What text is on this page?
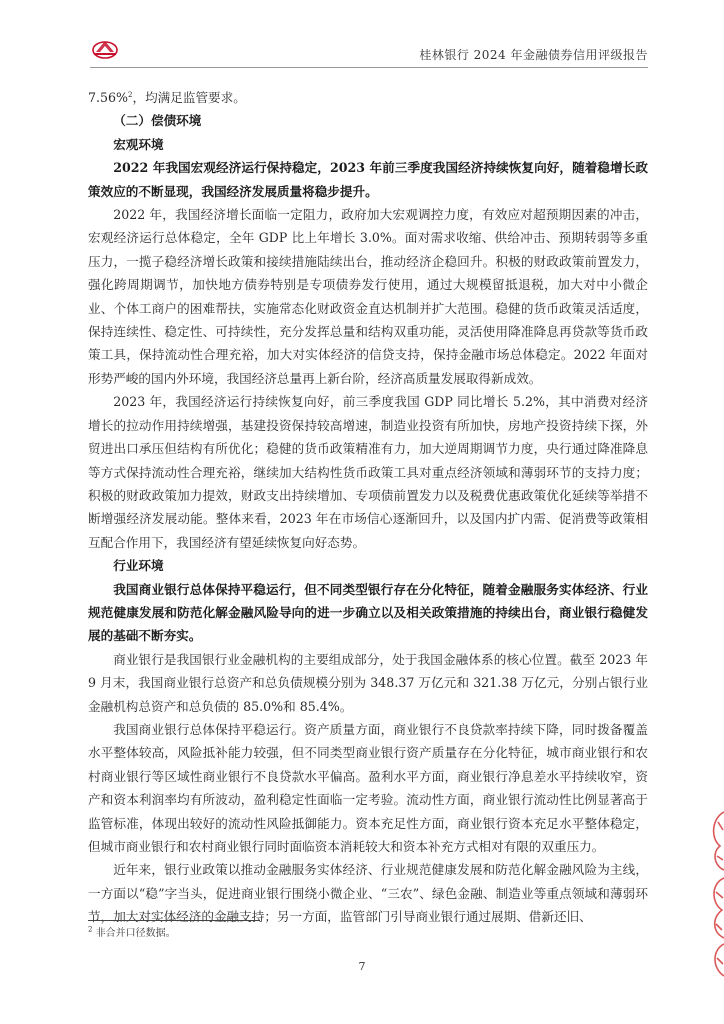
桂林银行 2024 年金融债券信用评级报告

7.56%$^2$，均满足监管要求。

（二）偿债环境

宏观环境

2022 年我国宏观经济运行保持稳定，2023 年前三季度我国经济持续恢复向好，随着稳增长政策效应的不断显现，我国经济发展质量将稳步提升。

2022 年，我国经济增长面临一定阻力，政府加大宏观调控力度，有效应对超预期因素的冲击，宏观经济运行总体稳定，全年 GDP 比上年增长 3.0%。面对需求收缩、供给冲击、预期转弱等多重压力，一揽子稳经济增长政策和接续措施陆续出台，推动经济企稳回升。积极的财政政策前置发力，强化跨周期调节，加快地方债券特别是专项债券发行使用，通过大规模留抵退税，加大对中小微企业、个体工商户的困难帮扶，实施常态化财政资金直达机制并扩大范围。稳健的货币政策灵活适度，保持连续性、稳定性、可持续性，充分发挥总量和结构双重功能，灵活使用降准降息再贷款等货币政策工具，保持流动性合理充裕，加大对实体经济的信贷支持，保持金融市场总体稳定。2022 年面对形势严峻的国内外环境，我国经济总量再上新台阶，经济高质量发展取得新成效。

2023 年，我国经济运行持续恢复向好，前三季度我国 GDP 同比增长 5.2%，其中消费对经济增长的拉动作用持续增强，基建投资保持较高增速，制造业投资有所加快，房地产投资持续下探，外贸进出口承压但结构有所优化；稳健的货币政策精准有力，加大逆周期调节力度，央行通过降准降息等方式保持流动性合理充裕，继续加大结构性货币政策工具对重点经济领域和薄弱环节的支持力度；积极的财政政策加力提效，财政支出持续增加、专项债前置发力以及税费优惠政策优化延续等举措不断增强经济发展动能。整体来看，2023 年在市场信心逐渐回升，以及国内扩内需、促消费等政策相互配合作用下，我国经济有望延续恢复向好态势。

行业环境

我国商业银行总体保持平稳运行，但不同类型银行存在分化特征，随着金融服务实体经济、行业规范健康发展和防范化解金融风险导向的进一步确立以及相关政策措施的持续出台，商业银行稳健发展的基础不断夯实。

商业银行是我国银行业金融机构的主要组成部分，处于我国金融体系的核心位置。截至 2023 年 9 月末，我国商业银行总资产和总负债规模分别为 348.37 万亿元和 321.38 万亿元，分别占银行业金融机构总资产和总负债的 85.0%和 85.4%。

我国商业银行总体保持平稳运行。资产质量方面，商业银行不良贷款率持续下降，同时拨备覆盖水平整体较高，风险抵补能力较强，但不同类型商业银行资产质量存在分化特征，城市商业银行和农村商业银行等区域性商业银行不良贷款水平偏高。盈利水平方面，商业银行净息差水平持续收窄，资产和资本利润率均有所波动，盈利稳定性面临一定考验。流动性方面，商业银行流动性比例显著高于监管标准，体现出较好的流动性风险抵御能力。资本充足性方面，商业银行资本充足水平整体稳定，但城市商业银行和农村商业银行同时面临资本消耗较大和资本补充方式相对有限的双重压力。

近年来，银行业政策以推动金融服务实体经济、行业规范健康发展和防范化解金融风险为主线，一方面以“稳”字当头，促进商业银行围绕小微企业、“三农”、绿色金融、制造业等重点领域和薄弱环节，加大对实体经济的金融支持；另一方面，监管部门引导商业银行通过展期、借新还旧、

$^2$ 非合并口径数据。
7
